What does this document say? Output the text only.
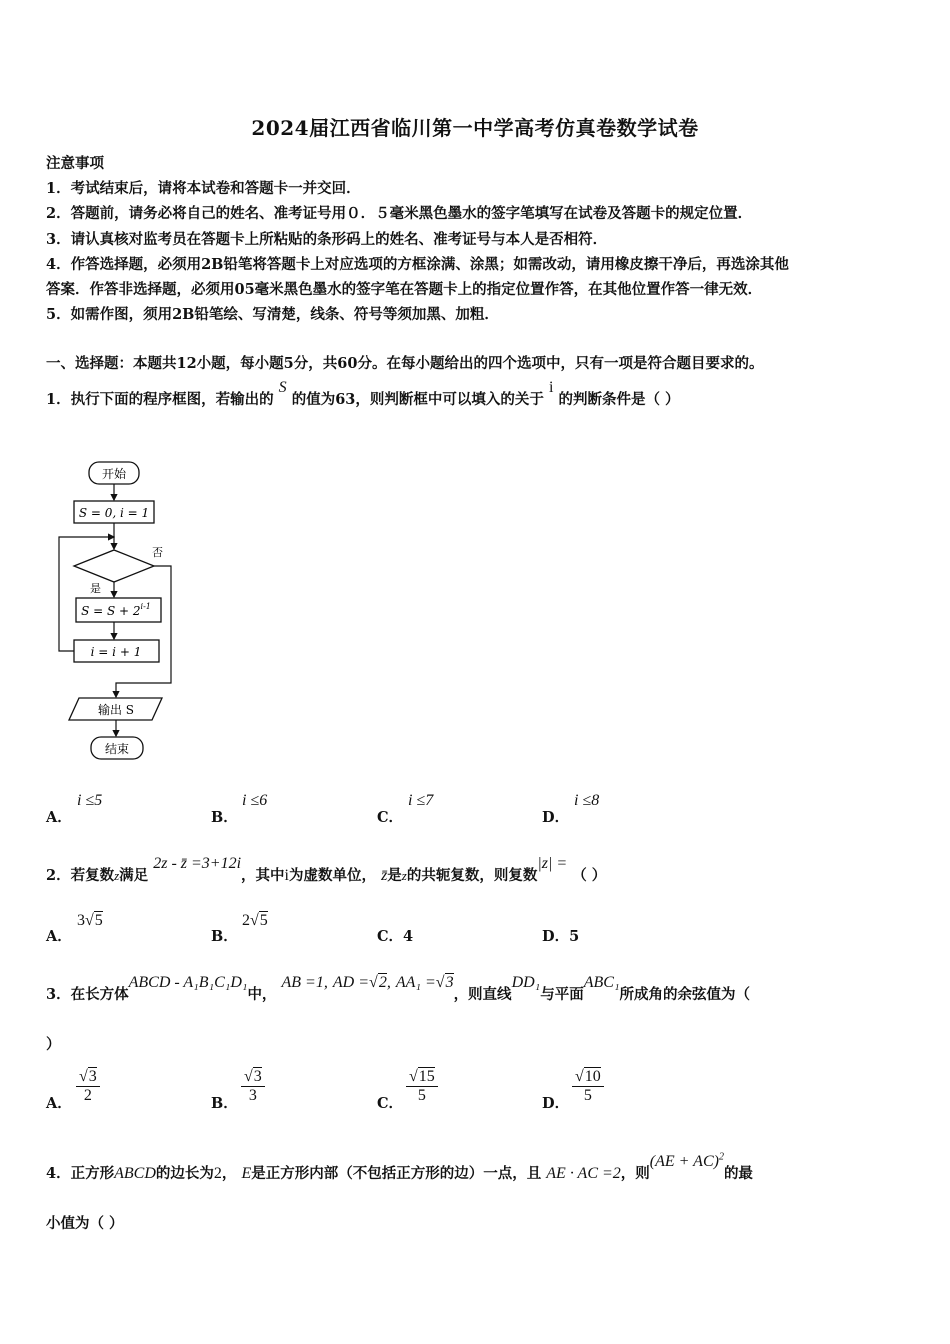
2024届江西省临川第一中学高考仿真卷数学试卷
注意事项
1．考试结束后，请将本试卷和答题卡一并交回．
2．答题前，请务必将自己的姓名、准考证号用０．５毫米黑色墨水的签字笔填写在试卷及答题卡的规定位置．
3．请认真核对监考员在答题卡上所粘贴的条形码上的姓名、准考证号与本人是否相符．
4．作答选择题，必须用2B铅笔将答题卡上对应选项的方框涂满、涂黑；如需改动，请用橡皮擦干净后，再选涂其他
答案．作答非选择题，必须用05毫米黑色墨水的签字笔在答题卡上的指定位置作答，在其他位置作答一律无效．
5．如需作图，须用2B铅笔绘、写清楚，线条、符号等须加黑、加粗．
一、选择题：本题共12小题，每小题5分，共60分。在每小题给出的四个选项中，只有一项是符合题目要求的。
1．执行下面的程序框图，若输出的 S 的值为63，则判断框中可以填入的关于 i 的判断条件是（ ）
开始
S = 0, i = 1
否
是
$S = S + 2^{i-1}$
i = i + 1
输出 S
结束
A．
i ≤5
B．
i ≤6
C．
i ≤7
D．
i ≤8
2．若复数z满足 2z - z̄ =3+12i，其中i为虚数单位， z̄是z的共轭复数，则复数|z| = （ ）
A．
3√5
B．
2√5
C．4	D．5
3．在长方体ABCD - A₁B₁C₁D₁中， AB =1, AD =√2, AA₁ =√3，则直线DD₁与平面ABC₁所成角的余弦值为（
）
A． $\frac{√3}{2}$	B． $\frac{√3}{3}$	C． $\frac{√15}{5}$	D． $\frac{√10}{5}$
4．正方形ABCD的边长为2， E是正方形内部（不包括正方形的边）一点，且 AE · AC =2，则(AE + AC)$^2$的最
小值为（ ）
